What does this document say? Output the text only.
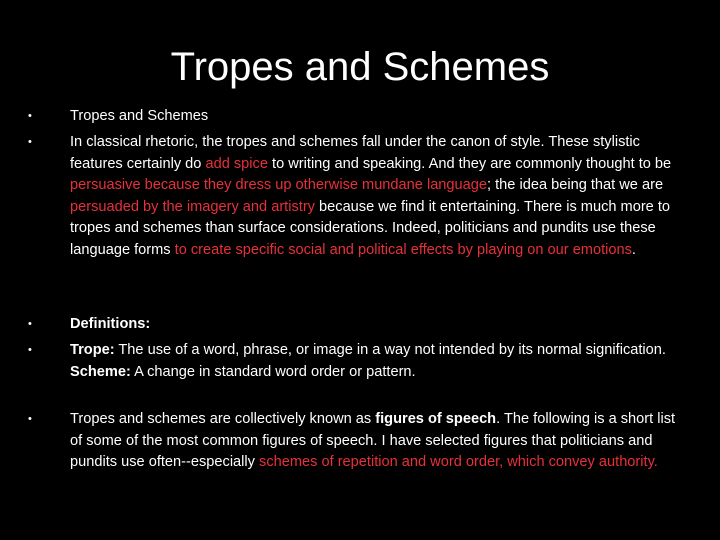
Tropes and Schemes
•	Tropes and Schemes
•	In classical rhetoric, the tropes and schemes fall under the canon of style. These stylistic features certainly do add spice to writing and speaking. And they are commonly thought to be persuasive because they dress up otherwise mundane language; the idea being that we are persuaded by the imagery and artistry because we find it entertaining. There is much more to tropes and schemes than surface considerations. Indeed, politicians and pundits use these language forms to create specific social and political effects by playing on our emotions.
•	Definitions:
•	Trope: The use of a word, phrase, or image in a way not intended by its normal signification.
Scheme: A change in standard word order or pattern.
•	Tropes and schemes are collectively known as figures of speech. The following is a short list of some of the most common figures of speech. I have selected figures that politicians and pundits use often--especially schemes of repetition and word order, which convey authority.
